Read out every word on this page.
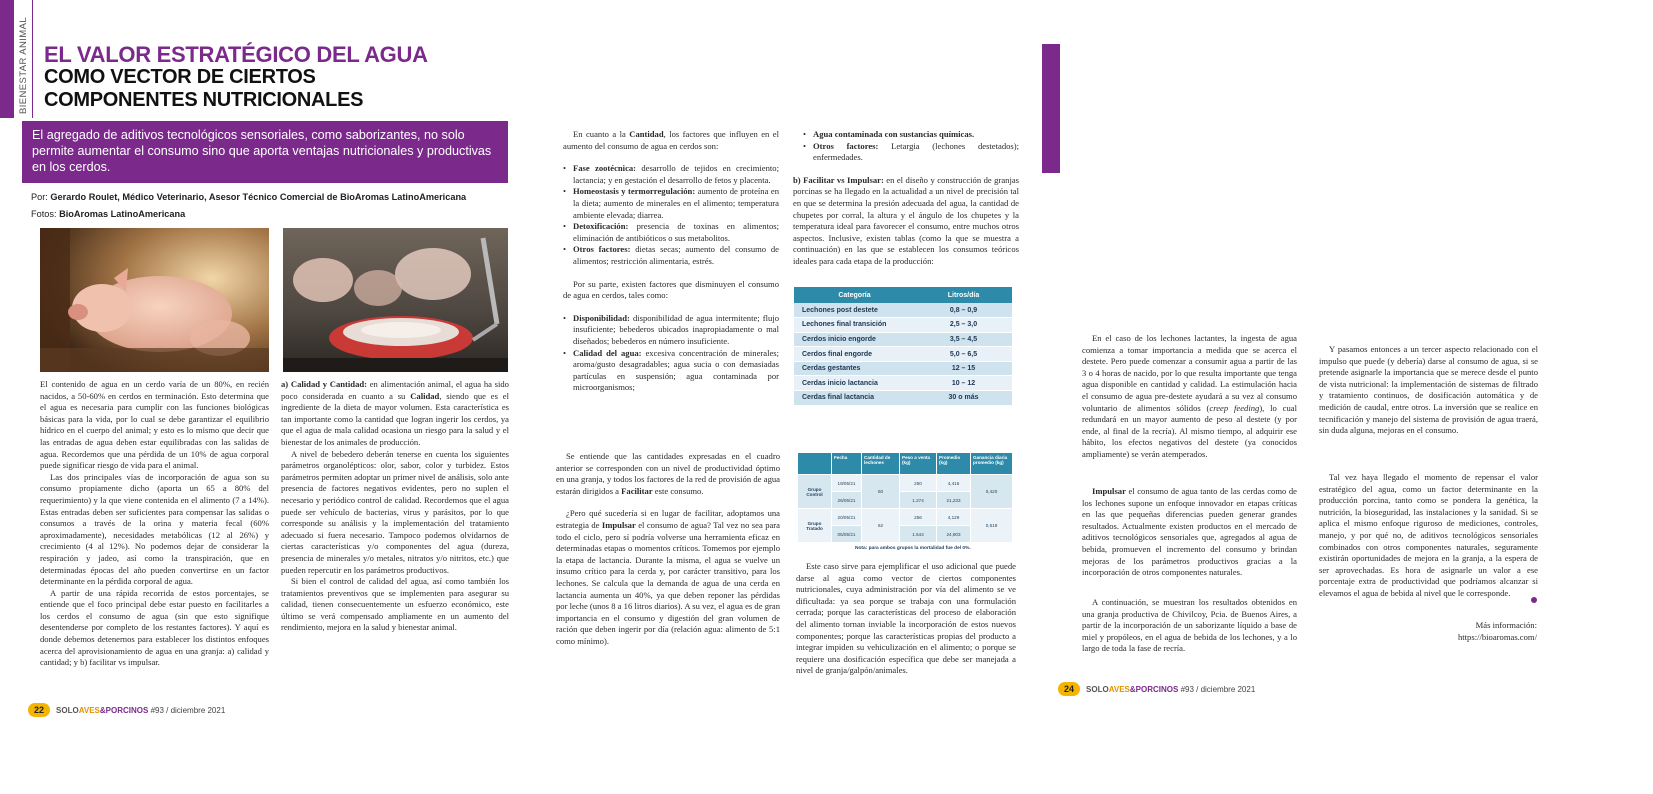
BIENESTAR ANIMAL EL VALOR ESTRATÉGICO DEL AGUA
COMO VECTOR DE CIERTOS
COMPONENTES NUTRICIONALES
El agregado de aditivos tecnológicos sensoriales, como saborizantes, no solo permite aumentar el consumo sino que aporta ventajas nutricionales y productivas en los cerdos.
Por: Gerardo Roulet, Médico Veterinario, Asesor Técnico Comercial de BioAromas LatinoAmericana
Fotos: BioAromas LatinoAmericana

El contenido de agua en un cerdo varía de un 80%, en recién nacidos, a 50-60% en cerdos en terminación. Esto determina que el agua es necesaria para cumplir con las funciones biológicas básicas para la vida, por lo cual se debe garantizar el equilibrio hídrico en el cuerpo del animal; y esto es lo mismo que decir que las entradas de agua deben estar equilibradas con las salidas de agua. Recordemos que una pérdida de un 10% de agua corporal puede significar riesgo de vida para el animal.

Las dos principales vías de incorporación de agua son su consumo propiamente dicho (aporta un 65 a 80% del requerimiento) y la que viene contenida en el alimento (7 a 14%). Estas entradas deben ser suficientes para compensar las salidas o consumos a través de la orina y materia fecal (60% aproximadamente), necesidades metabólicas (12 al 26%) y crecimiento (4 al 12%). No podemos dejar de considerar la respiración y jadeo, así como la transpiración, que en determinadas épocas del año pueden convertirse en un factor determinante en la pérdida corporal de agua.

A partir de una rápida recorrida de estos porcentajes, se entiende que el foco principal debe estar puesto en facilitarles a los cerdos el consumo de agua (sin que esto signifique desentenderse por completo de los restantes factores). Y aquí es donde debemos detenernos para establecer los distintos enfoques acerca del aprovisionamiento de agua en una granja: a) calidad y cantidad; y b) facilitar vs impulsar.

a) Calidad y Cantidad: en alimentación animal, el agua ha sido poco considerada en cuanto a su Calidad, siendo que es el ingrediente de la dieta de mayor volumen. Esta característica es tan importante como la cantidad que logran ingerir los cerdos, ya que el agua de mala calidad ocasiona un riesgo para la salud y el bienestar de los animales de producción.

A nivel de bebedero deberán tenerse en cuenta los siguientes parámetros organolépticos: olor, sabor, color y turbidez. Estos parámetros permiten adoptar un primer nivel de análisis, solo ante presencia de factores negativos evidentes, pero no suplen el necesario y periódico control de calidad. Recordemos que el agua puede ser vehículo de bacterias, virus y parásitos, por lo que corresponde su análisis y la implementación del tratamiento adecuado si fuera necesario. Tampoco podemos olvidarnos de ciertas características y/o componentes del agua (dureza, presencia de minerales y/o metales, nitratos y/o nitritos, etc.) que pueden repercutir en los parámetros productivos.

Si bien el control de calidad del agua, así como también los tratamientos preventivos que se implementen para asegurar su calidad, tienen consecuentemente un esfuerzo económico, este último se verá compensado ampliamente en un aumento del rendimiento, mejora en la salud y bienestar animal.

22 SOLOAVES&PORCINOS #93 / diciembre 2021

En cuanto a la Cantidad, los factores que influyen en el aumento del consumo de agua en cerdos son:

• Fase zootécnica: desarrollo de tejidos en crecimiento; lactancia; y en gestación el desarrollo de fetos y placenta.
• Homeostasis y termorregulación: aumento de proteína en la dieta; aumento de minerales en el alimento; temperatura ambiente elevada; diarrea.
• Detoxificación: presencia de toxinas en alimentos; eliminación de antibióticos o sus metabolitos.
• Otros factores: dietas secas; aumento del consumo de alimentos; restricción alimentaria, estrés.

Por su parte, existen factores que disminuyen el consumo de agua en cerdos, tales como:

• Disponibilidad: disponibilidad de agua intermitente; flujo insuficiente; bebederos ubicados inapropiadamente o mal diseñados; bebederos en número insuficiente.
• Calidad del agua: excesiva concentración de minerales; aroma/gusto desagradables; agua sucia o con demasiadas partículas en suspensión; agua contaminada por microorganismos;

Se entiende que las cantidades expresadas en el cuadro anterior se corresponden con un nivel de productividad óptimo en una granja, y todos los factores de la red de provisión de agua estarán dirigidos a Facilitar este consumo.

¿Pero qué sucedería si en lugar de facilitar, adoptamos una estrategia de Impulsar el consumo de agua? Tal vez no sea para todo el ciclo, pero sí podría volverse una herramienta eficaz en determinadas etapas o momentos críticos. Tomemos por ejemplo la etapa de lactancia. Durante la misma, el agua se vuelve un insumo crítico para la cerda y, por carácter transitivo, para los lechones. Se calcula que la demanda de agua de una cerda en lactancia aumenta un 40%, ya que deben reponer las pérdidas por leche (unos 8 a 16 litros diarios). A su vez, el agua es de gran importancia en el consumo y digestión del gran volumen de ración que deben ingerir por día (relación agua: alimento de 5:1 como mínimo).

• Agua contaminada con sustancias químicas.
• Otros factores: Letargia (lechones destetados); enfermedades.

b) Facilitar vs Impulsar: en el diseño y construcción de granjas porcinas se ha llegado en la actualidad a un nivel de precisión tal en que se determina la presión adecuada del agua, la cantidad de chupetes por corral, la altura y el ángulo de los chupetes y la temperatura ideal para favorecer el consumo, entre muchos otros aspectos. Inclusive, existen tablas (como la que se muestra a continuación) en las que se establecen los consumos teóricos ideales para cada etapa de la producción:

Categoría	Litros/día
Lechones post destete	0,8 – 0,9
Lechones final transición	2,5 – 3,0
Cerdos inicio engorde	3,5 – 4,5
Cerdos final engorde	5,0 – 6,5
Cerdas gestantes	12 – 15
Cerdas inicio lactancia	10 – 12
Cerdas final lactancia	30 o más
	Fecha	Cantidad de lechones	Peso a venta (kg)	Promedio (kg)	Ganancia diaria promedio (kg)
Grupo Control	19/05/21	60	250	4,416	0,420
	26/05/21		1.274	21,233	
Grupo Tratado	20/05/21	62	256	4,129	0,519
	05/05/21		1.544	24,903	
Nota: para ambos grupos la mortalidad fue del 0%.

Este caso sirve para ejemplificar el uso adicional que puede darse al agua como vector de ciertos componentes nutricionales, cuya administración por vía del alimento se ve dificultada: ya sea porque se trabaja con una formulación cerrada; porque las características del proceso de elaboración del alimento tornan inviable la incorporación de estos nuevos componentes; porque las características propias del producto a integrar impiden su vehiculización en el alimento; o porque se requiere una dosificación específica que debe ser manejada a nivel de granja/galpón/animales.

En el caso de los lechones lactantes, la ingesta de agua comienza a tomar importancia a medida que se acerca el destete. Pero puede comenzar a consumir agua a partir de las 3 o 4 horas de nacido, por lo que resulta importante que tenga agua disponible en cantidad y calidad. La estimulación hacia el consumo de agua pre-destete ayudará a su vez al consumo voluntario de alimentos sólidos (creep feeding), lo cual redundará en un mayor aumento de peso al destete (y por ende, al final de la recría). Al mismo tiempo, al adquirir ese hábito, los efectos negativos del destete (ya conocidos ampliamente) se verán atemperados.

Impulsar el consumo de agua tanto de las cerdas como de los lechones supone un enfoque innovador en etapas críticas en las que pequeñas diferencias pueden generar grandes resultados. Actualmente existen productos en el mercado de aditivos tecnológicos sensoriales que, agregados al agua de bebida, promueven el incremento del consumo y brindan mejoras de los parámetros productivos gracias a la incorporación de otros componentes naturales.

A continuación, se muestran los resultados obtenidos en una granja productiva de Chivilcoy, Pcia. de Buenos Aires, a partir de la incorporación de un saborizante líquido a base de miel y propóleos, en el agua de bebida de los lechones, y a lo largo de toda la fase de recría.

Y pasamos entonces a un tercer aspecto relacionado con el impulso que puede (y debería) darse al consumo de agua, si se pretende asignarle la importancia que se merece desde el punto de vista nutricional: la implementación de sistemas de filtrado y tratamiento continuos, de dosificación automática y de medición de caudal, entre otros. La inversión que se realice en tecnificación y manejo del sistema de provisión de agua traerá, sin duda alguna, mejoras en el consumo.

Tal vez haya llegado el momento de repensar el valor estratégico del agua, como un factor determinante en la producción porcina, tanto como se pondera la genética, la nutrición, la bioseguridad, las instalaciones y la sanidad. Si se aplica el mismo enfoque riguroso de mediciones, controles, manejo, y por qué no, de aditivos tecnológicos sensoriales combinados con otros componentes naturales, seguramente existirán oportunidades de mejora en la granja, a la espera de ser aprovechadas. Es hora de asignarle un valor a ese porcentaje extra de productividad que podríamos alcanzar si elevamos el agua de bebida al nivel que le corresponde.

Más información:
https://bioaromas.com/
24 SOLOAVES&PORCINOS #93 / diciembre 2021
